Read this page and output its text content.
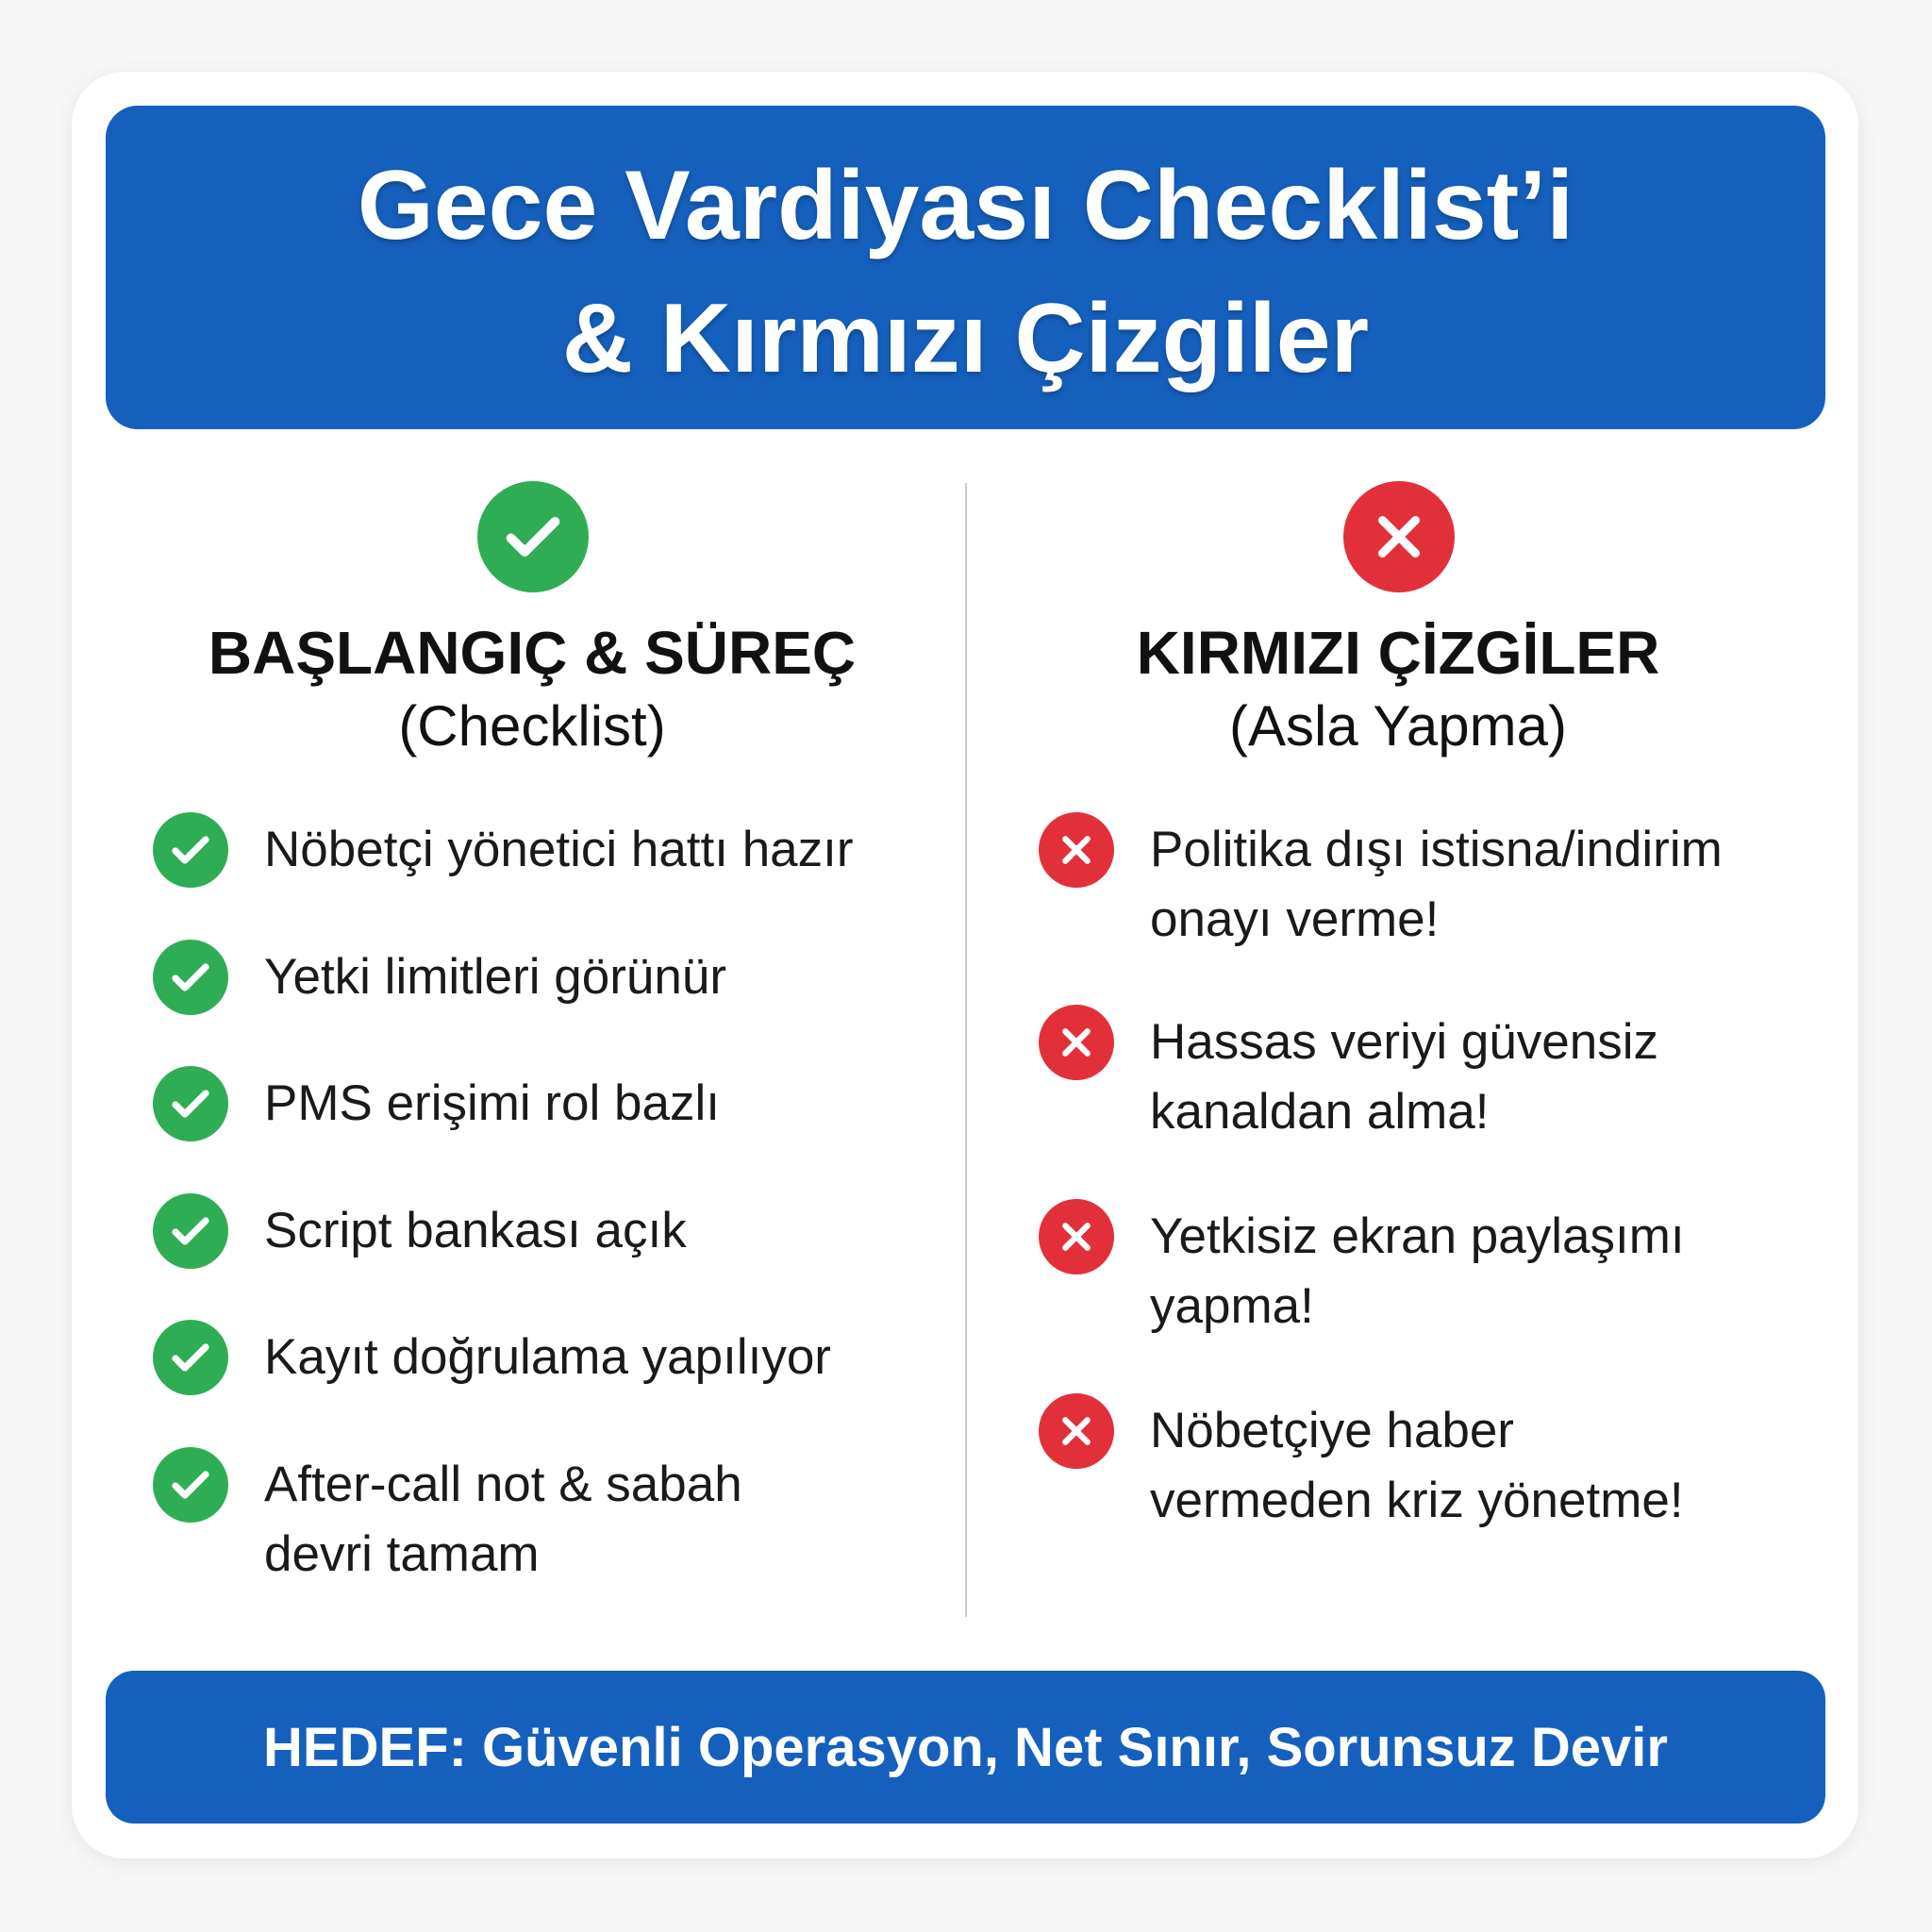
Gece Vardiyası Checklist’i
& Kırmızı Çizgiler
BAŞLANGIÇ & SÜREÇ
(Checklist)
KIRMIZI ÇİZGİLER
(Asla Yapma)
Nöbetçi yönetici hattı hazır
Yetki limitleri görünür
PMS erişimi rol bazlı
Script bankası açık
Kayıt doğrulama yapılıyor
After-call not & sabah
devri tamam
Politika dışı istisna/indirim
onayı verme!
Hassas veriyi güvensiz
kanaldan alma!
Yetkisiz ekran paylaşımı
yapma!
Nöbetçiye haber
vermeden kriz yönetme!
HEDEF: Güvenli Operasyon, Net Sınır, Sorunsuz Devir
